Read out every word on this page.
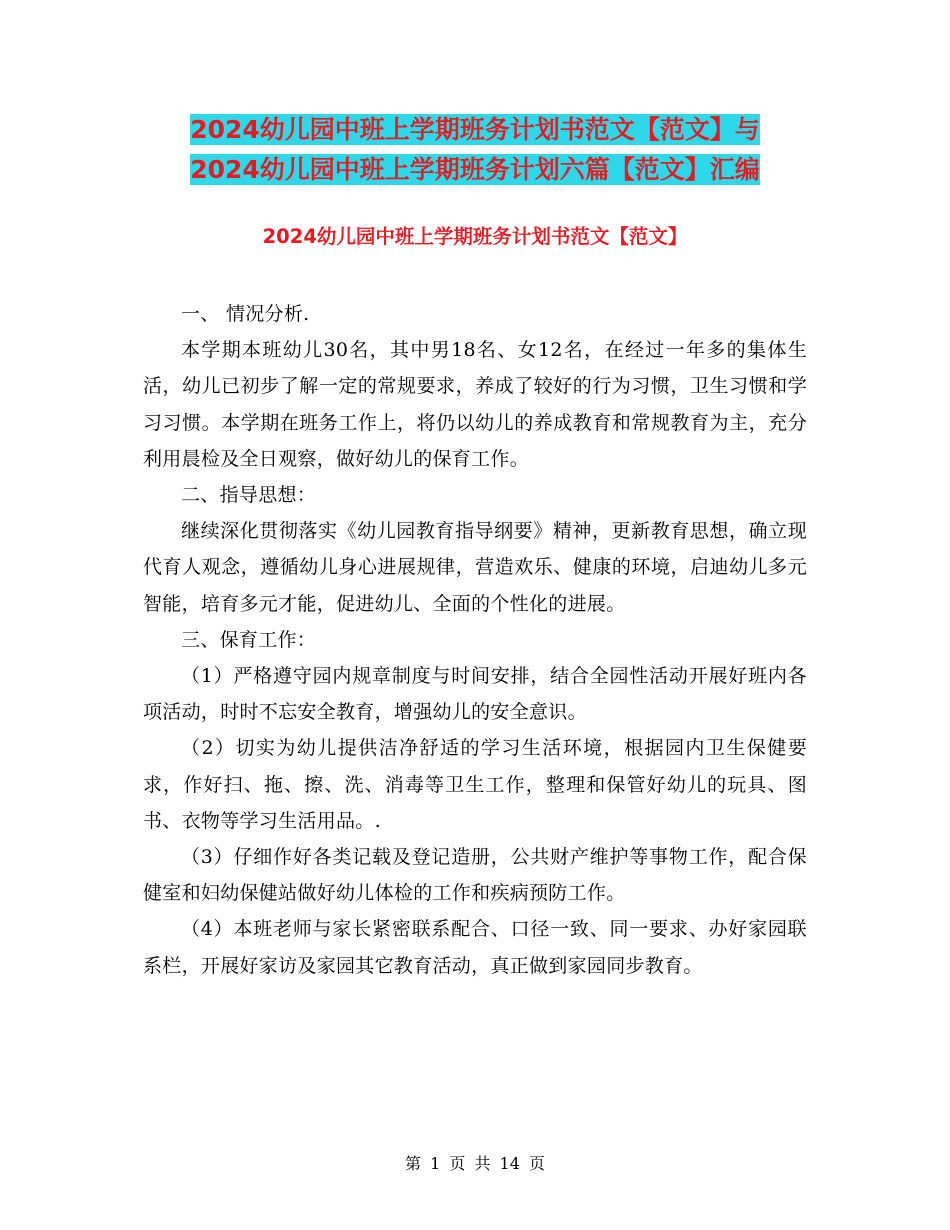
2024幼儿园中班上学期班务计划书范文【范文】与
2024幼儿园中班上学期班务计划六篇【范文】汇编
2024幼儿园中班上学期班务计划书范文【范文】

一、 情况分析.

本学期本班幼儿30名，其中男18名、女12名，在经过一年多的集体生活，幼儿已初步了解一定的常规要求，养成了较好的行为习惯，卫生习惯和学习习惯。本学期在班务工作上，将仍以幼儿的养成教育和常规教育为主，充分利用晨检及全日观察，做好幼儿的保育工作。

二、指导思想：

继续深化贯彻落实《幼儿园教育指导纲要》精神，更新教育思想，确立现代育人观念，遵循幼儿身心进展规律，营造欢乐、健康的环境，启迪幼儿多元智能，培育多元才能，促进幼儿、全面的个性化的进展。

三、保育工作：

（1）严格遵守园内规章制度与时间安排，结合全园性活动开展好班内各项活动，时时不忘安全教育，增强幼儿的安全意识。

（2）切实为幼儿提供洁净舒适的学习生活环境，根据园内卫生保健要求，作好扫、拖、擦、洗、消毒等卫生工作，整理和保管好幼儿的玩具、图书、衣物等学习生活用品。.

（3）仔细作好各类记载及登记造册，公共财产维护等事物工作，配合保健室和妇幼保健站做好幼儿体检的工作和疾病预防工作。

（4）本班老师与家长紧密联系配合、口径一致、同一要求、办好家园联系栏，开展好家访及家园其它教育活动，真正做到家园同步教育。

第 1 页 共 14 页
